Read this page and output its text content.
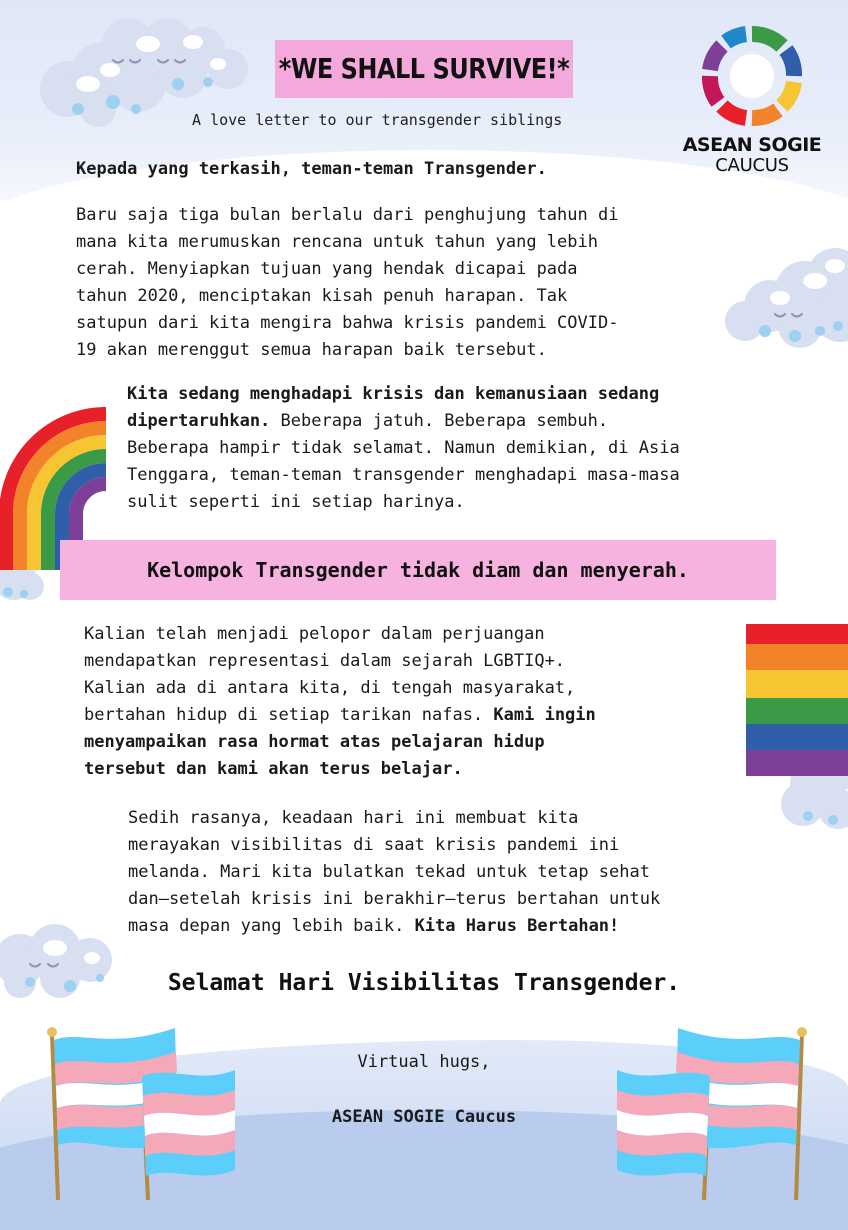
*WE SHALL SURVIVE!*
A love letter to our transgender siblings
ASEAN SOGIE
CAUCUS
Kepada yang terkasih, teman-teman Transgender.
Baru saja tiga bulan berlalu dari penghujung tahun di
mana kita merumuskan rencana untuk tahun yang lebih
cerah. Menyiapkan tujuan yang hendak dicapai pada
tahun 2020, menciptakan kisah penuh harapan. Tak
satupun dari kita mengira bahwa krisis pandemi COVID-
19 akan merenggut semua harapan baik tersebut.
Kita sedang menghadapi krisis dan kemanusiaan sedang
dipertaruhkan. Beberapa jatuh. Beberapa sembuh.
Beberapa hampir tidak selamat. Namun demikian, di Asia
Tenggara, teman-teman transgender menghadapi masa-masa
sulit seperti ini setiap harinya.
Kelompok Transgender tidak diam dan menyerah.
Kalian telah menjadi pelopor dalam perjuangan
mendapatkan representasi dalam sejarah LGBTIQ+.
Kalian ada di antara kita, di tengah masyarakat,
bertahan hidup di setiap tarikan nafas. Kami ingin
menyampaikan rasa hormat atas pelajaran hidup
tersebut dan kami akan terus belajar.
Sedih rasanya, keadaan hari ini membuat kita
merayakan visibilitas di saat krisis pandemi ini
melanda. Mari kita bulatkan tekad untuk tetap sehat
dan—setelah krisis ini berakhir—terus bertahan untuk
masa depan yang lebih baik. Kita Harus Bertahan!
Selamat Hari Visibilitas Transgender.
Virtual hugs,
ASEAN SOGIE Caucus
